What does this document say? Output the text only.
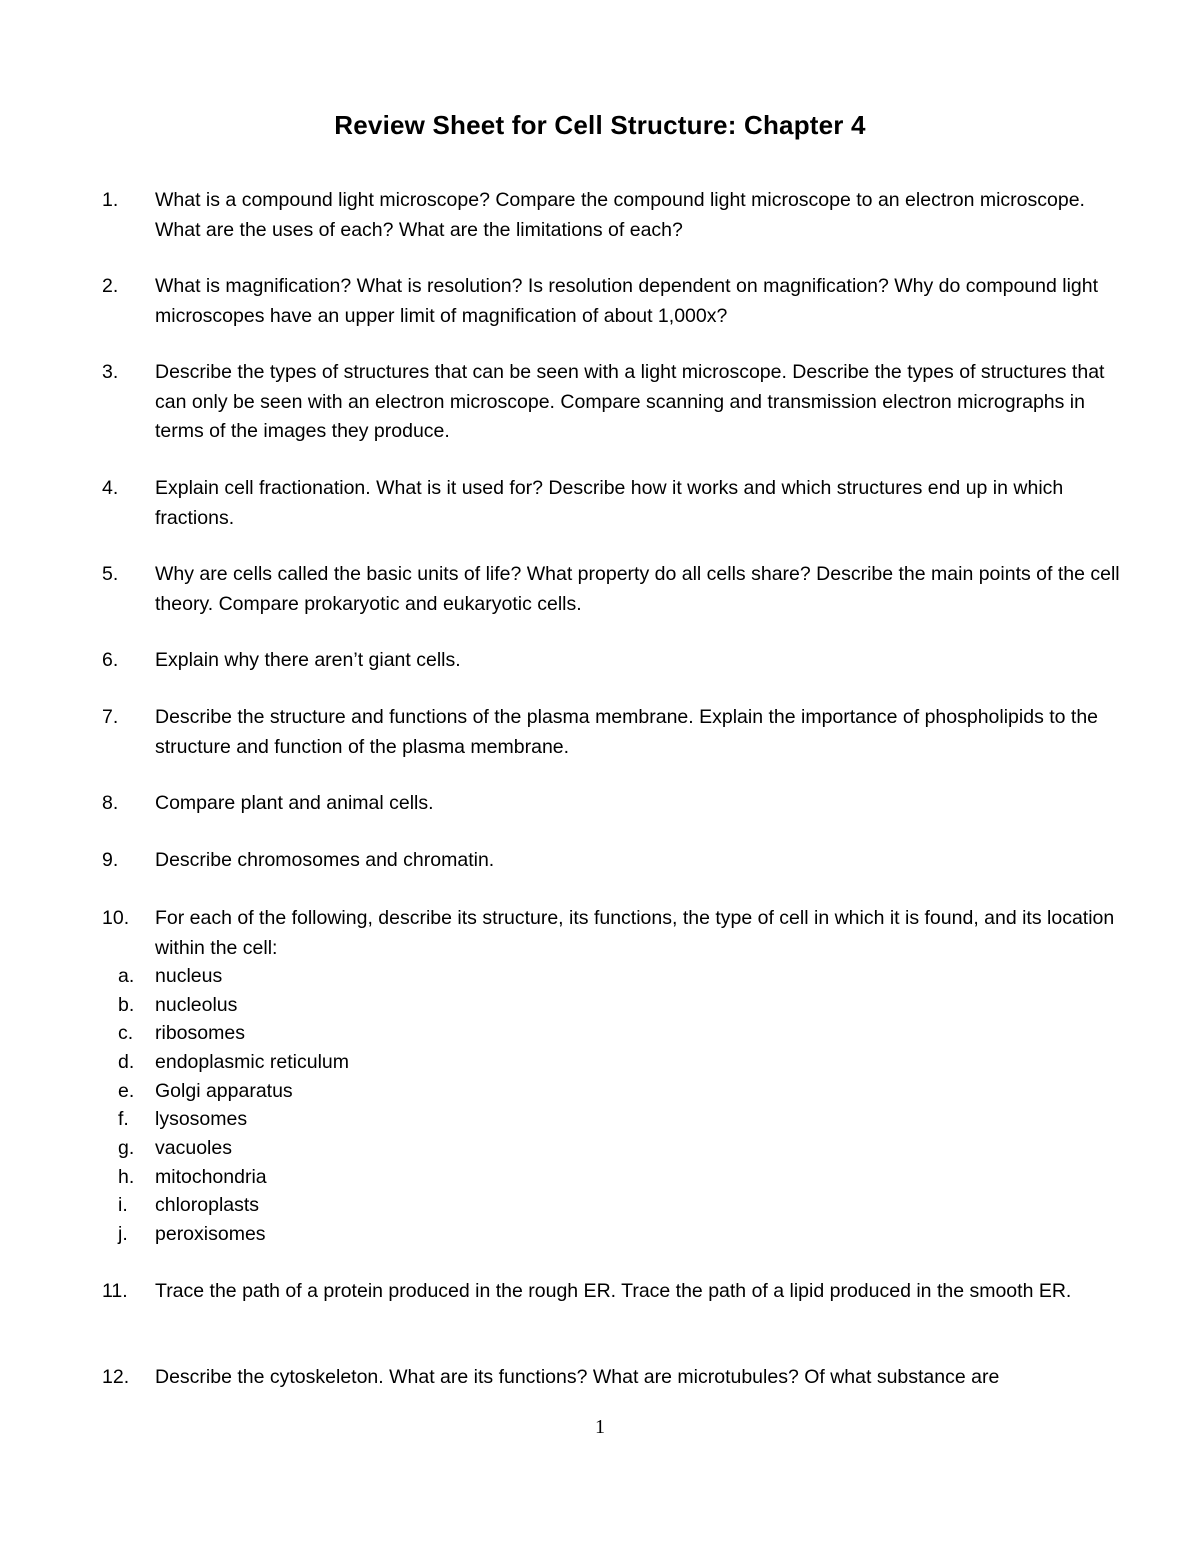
Review Sheet for Cell Structure: Chapter 4
1.	What is a compound light microscope? Compare the compound light microscope to an electron microscope. What are the uses of each? What are the limitations of each?
2.	What is magnification? What is resolution? Is resolution dependent on magnification? Why do compound light microscopes have an upper limit of magnification of about 1,000x?
3.	Describe the types of structures that can be seen with a light microscope. Describe the types of structures that can only be seen with an electron microscope. Compare scanning and transmission electron micrographs in terms of the images they produce.
4.	Explain cell fractionation. What is it used for? Describe how it works and which structures end up in which fractions.
5.	Why are cells called the basic units of life? What property do all cells share? Describe the main points of the cell theory. Compare prokaryotic and eukaryotic cells.
6.	Explain why there aren’t giant cells.
7.	Describe the structure and functions of the plasma membrane. Explain the importance of phospholipids to the structure and function of the plasma membrane.
8.	Compare plant and animal cells.
9.	Describe chromosomes and chromatin.
10.	For each of the following, describe its structure, its functions, the type of cell in which it is found, and its location within the cell:
a. nucleus
b. nucleolus
c. ribosomes
d. endoplasmic reticulum
e. Golgi apparatus
f. lysosomes
g. vacuoles
h. mitochondria
i. chloroplasts
j. peroxisomes
11.	Trace the path of a protein produced in the rough ER. Trace the path of a lipid produced in the smooth ER.
12.	Describe the cytoskeleton. What are its functions? What are microtubules? Of what substance are
1
